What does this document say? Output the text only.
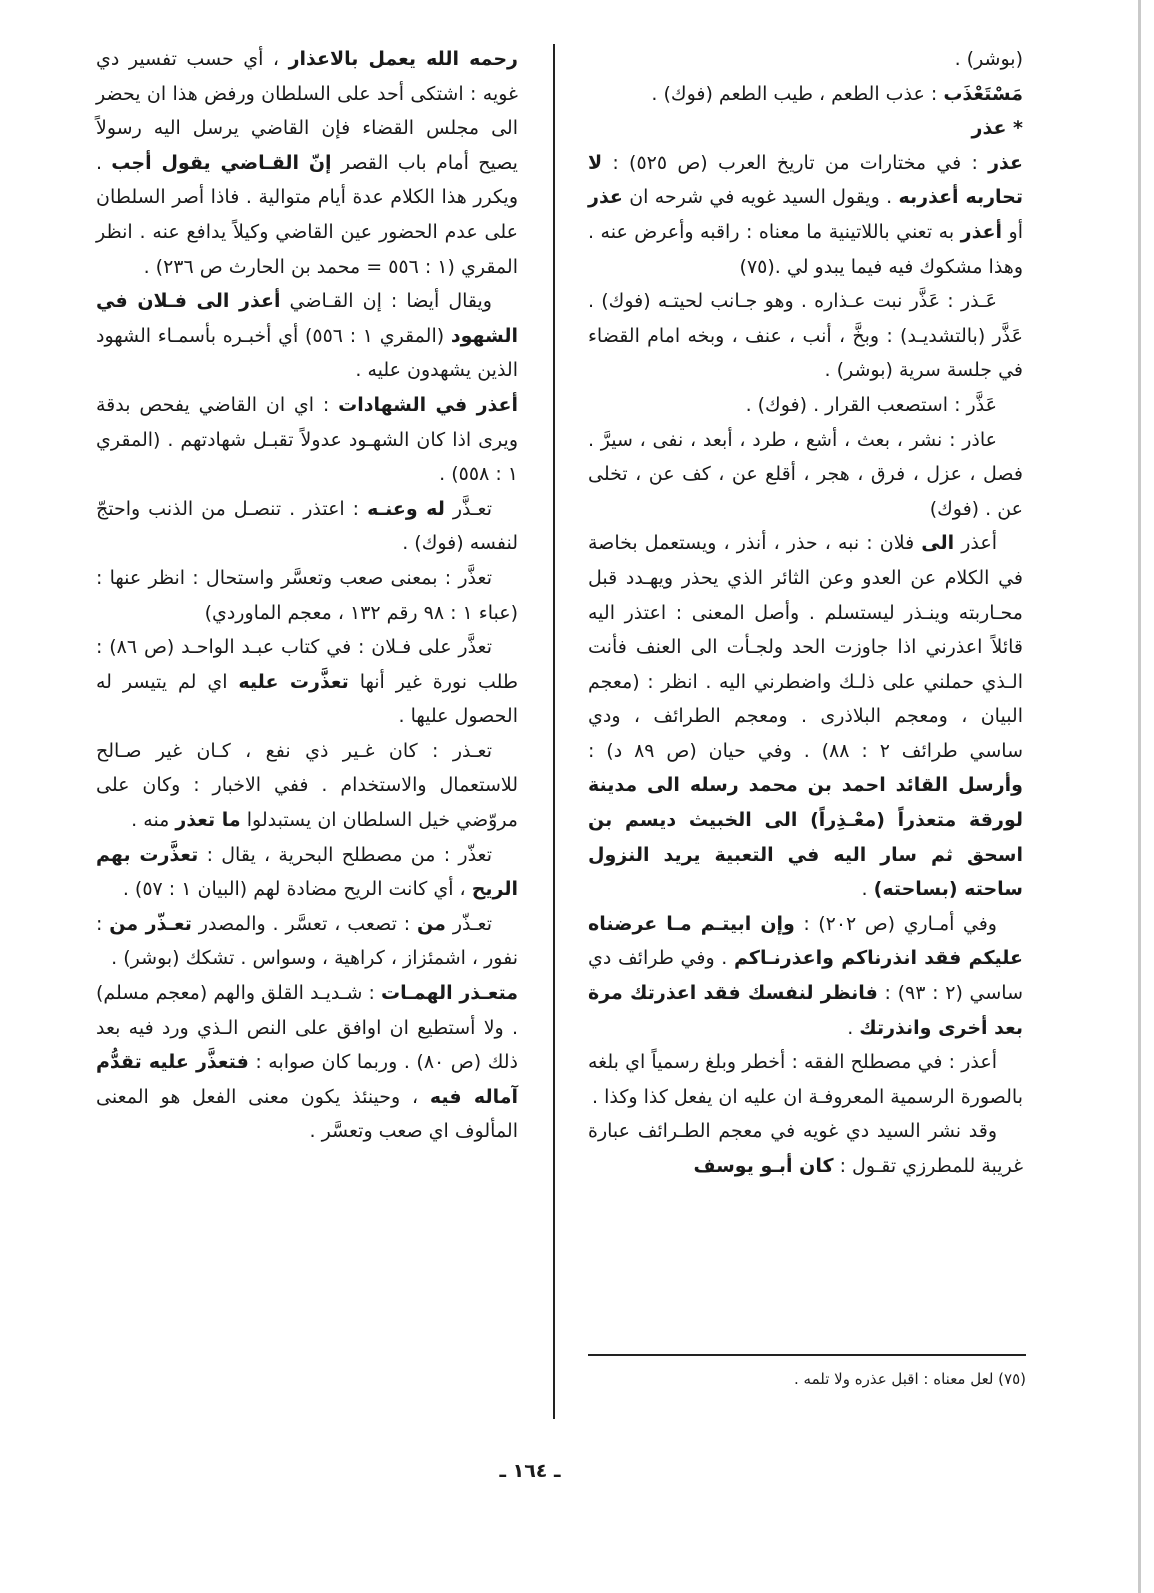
(بوشر) .

مَسْتَعْذَب : عذب الطعم ، طيب الطعم (فوك) .

* عذر

عذر : في مختارات من تاريخ العرب (ص ٥٢٥) : لا تحاربه أعذربه . ويقول السيد غويه في شرحه ان عذر أو أعذر به تعني باللاتينية ما معناه : راقبه وأعرض عنه . وهذا مشكوك فيه فيما يبدو لي .(٧٥)

عَـذر : عَذَّر نبت عـذاره . وهو جـانب لحيتـه (فوك) . عَذَّر (بالتشديـد) : وبخَّ ، أنب ، عنف ، وبخه امام القضاء في جلسة سرية (بوشر) .

عَذَّر : استصعب القرار . (فوك) .

عاذر : نشر ، بعث ، أشع ، طرد ، أبعد ، نفى ، سيرَّ . فصل ، عزل ، فرق ، هجر ، أقلع عن ، كف عن ، تخلى عن . (فوك)

أعذر الى فلان : نبه ، حذر ، أنذر ، ويستعمل بخاصة في الكلام عن العدو وعن الثائر الذي يحذر ويهـدد قبل محـاربته وينـذر ليستسلم . وأصل المعنى : اعتذر اليه قائلاً اعذرني اذا جاوزت الحد ولجـأت الى العنف فأنت الـذي حملني على ذلـك واضطرني اليه . انظر : (معجم البيان ، ومعجم البلاذرى . ومعجم الطرائف ، ودي ساسي طرائف ٢ : ٨٨) . وفي حيان (ص ٨٩ د) : وأرسل القائد احمد بن محمد رسله الى مدينة لورقة متعذراً (معْـذِراً) الى الخبيث ديسم بن اسحق ثم سار اليه في التعبية يريد النزول ساحته (بساحته) .

وفي أمـاري (ص ٢٠٢) : وإن ابيتـم مـا عرضناه عليكم فقد انذرناكم واعذرنـاكم . وفي طرائف دي ساسي (٢ : ٩٣) : فانظر لنفسك فقد اعذرتك مرة بعد أخرى وانذرتك .

أعذر : في مصطلح الفقه : أخطر وبلغ رسمياً اي بلغه بالصورة الرسمية المعروفـة ان عليه ان يفعل كذا وكذا .

وقد نشر السيد دي غويه في معجم الطـرائف عبارة غريبة للمطرزي تقـول : كان أبـو يوسف

رحمه الله يعمل بالاعذار ، أي حسب تفسير دي غويه : اشتكى أحد على السلطان ورفض هذا ان يحضر الى مجلس القضاء فإن القاضي يرسل اليه رسولاً يصيح أمام باب القصر إنّ القـاضي يقول أجب . ويكرر هذا الكلام عدة أيام متوالية . فاذا أصر السلطان على عدم الحضور عين القاضي وكيلاً يدافع عنه . انظر المقري (١ : ٥٥٦ = محمد بن الحارث ص ٢٣٦) .

ويقال أيضا : إن القـاضي أعذر الى فـلان في الشهود (المقري ١ : ٥٥٦) أي أخبـره بأسمـاء الشهود الذين يشهدون عليه .

أعذر في الشهادات : اي ان القاضي يفحص بدقة ويرى اذا كان الشهـود عدولاً تقبـل شهادتهم . (المقري ١ : ٥٥٨) .

تعـذَّر له وعنـه : اعتذر . تنصـل من الذنب واحتجّ لنفسه (فوك) .

تعذَّر : بمعنى صعب وتعسَّر واستحال : انظر عنها : (عباء ١ : ٩٨ رقم ١٣٢ ، معجم الماوردي)

تعذَّر على فـلان : في كتاب عبـد الواحـد (ص ٨٦) : طلب نورة غير أنها تعذَّرت عليه اي لم يتيسر له الحصول عليها .

تعـذر : كان غـير ذي نفع ، كـان غير صـالح للاستعمال والاستخدام . ففي الاخبار : وكان على مروّضي خيل السلطان ان يستبدلوا ما تعذر منه .

تعذّر : من مصطلح البحرية ، يقال : تعذَّرت بهم الريح ، أي كانت الريح مضادة لهم (البيان ١ : ٥٧) .

تعـذّر من : تصعب ، تعسَّر . والمصدر تعـذّر من : نفور ، اشمئزاز ، كراهية ، وسواس . تشكك (بوشر) .

متعـذر الهمـات : شـديـد القلق والهم (معجم مسلم) . ولا أستطيع ان اوافق على النص الـذي ورد فيه بعد ذلك (ص ٨٠) . وربما كان صوابه : فتعذَّر عليه تقدُّم آماله فيه ، وحينئذ يكون معنى الفعل هو المعنى المألوف اي صعب وتعسَّر .

(٧٥) لعل معناه : اقبل عذره ولا تلمه .
ـ ١٦٤ ـ
